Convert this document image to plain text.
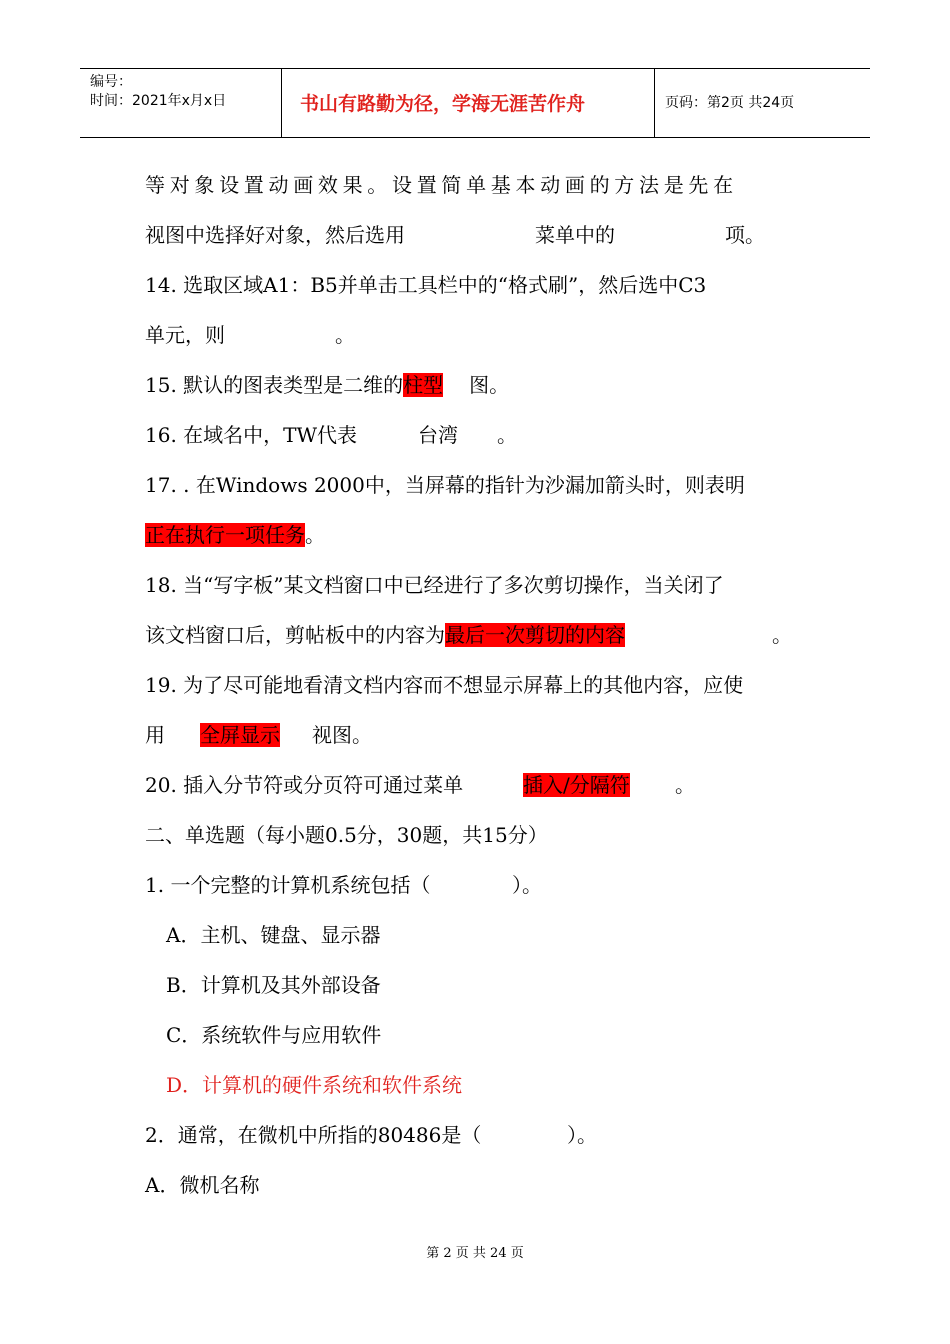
编号：
时间：2021年x月x日	书山有路勤为径，学海无涯苦作舟	页码：第2页 共24页
等对象设置动画效果。设置简单基本动画的方法是先在
视图中选择好对象，然后选用	菜单中的	项。
14. 选取区域A1：B5并单击工具栏中的“格式刷”，然后选中C3
单元，则	。
15. 默认的图表类型是二维的柱型 图。
16. 在域名中，TW代表	台湾 。
17. . 在Windows 2000中，当屏幕的指针为沙漏加箭头时，则表明
正在执行一项任务。
18. 当“写字板”某文档窗口中已经进行了多次剪切操作，当关闭了
该文档窗口后，剪帖板中的内容为最后一次剪切的内容	。
19. 为了尽可能地看清文档内容而不想显示屏幕上的其他内容，应使
用 全屏显示 视图。
20. 插入分节符或分页符可通过菜单	插入/分隔符 。
二、单选题（每小题0.5分，30题，共15分）
1. 一个完整的计算机系统包括（	）。
A．主机、键盘、显示器
B．计算机及其外部设备
C．系统软件与应用软件
D．计算机的硬件系统和软件系统
2．通常，在微机中所指的80486是（	）。
A．微机名称
第 2 页 共 24 页
